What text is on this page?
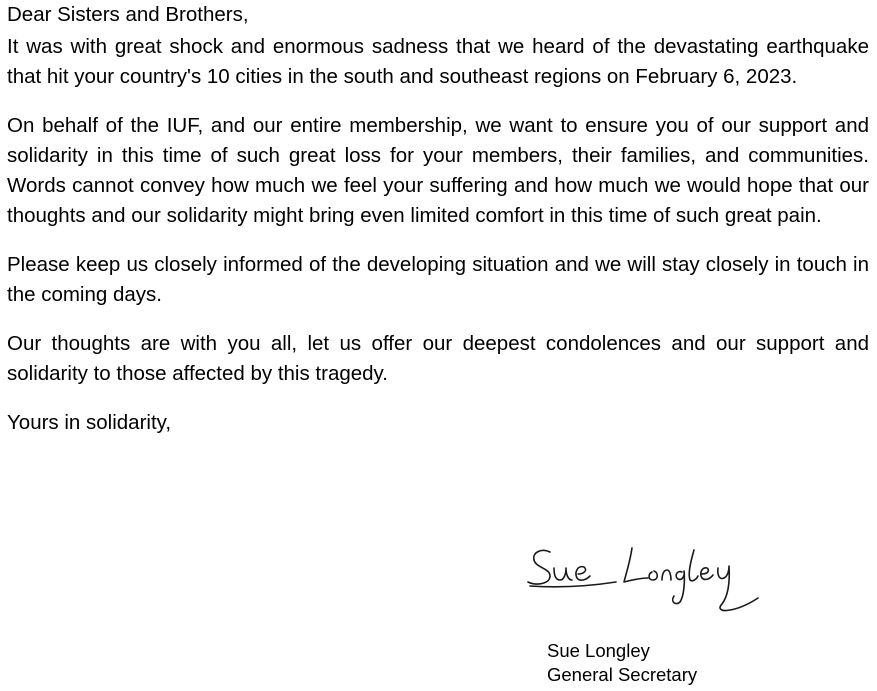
Dear Sisters and Brothers,

It was with great shock and enormous sadness that we heard of the devastating earthquake that hit your country's 10 cities in the south and southeast regions on February 6, 2023.

On behalf of the IUF, and our entire membership, we want to ensure you of our support and solidarity in this time of such great loss for your members, their families, and communities. Words cannot convey how much we feel your suffering and how much we would hope that our thoughts and our solidarity might bring even limited comfort in this time of such great pain.

Please keep us closely informed of the developing situation and we will stay closely in touch in the coming days.

Our thoughts are with you all, let us offer our deepest condolences and our support and solidarity to those affected by this tragedy.

Yours in solidarity,
Sue Longley
General Secretary
